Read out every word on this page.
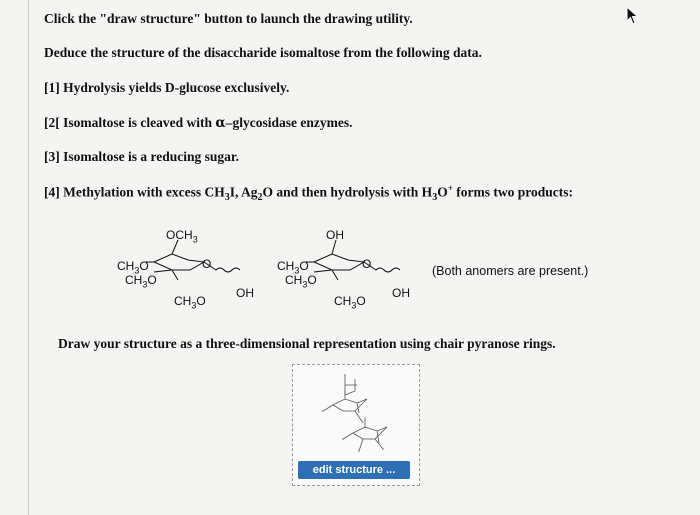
Click the "draw structure" button to launch the drawing utility.
Deduce the structure of the disaccharide isomaltose from the following data.
[1] Hydrolysis yields D-glucose exclusively.
[2[ Isomaltose is cleaved with α–glycosidase enzymes.
[3] Isomaltose is a reducing sugar.
[4] Methylation with excess $CH_3I$, $Ag_2O$ and then hydrolysis with $H_3O^+$ forms two products:
$OCH_3$
$CH_3O$
$CH_3O$
O
$CH_3O$
OH
OH
$CH_3O$
$CH_3O$
O
$CH_3O$
OH
(Both anomers are present.)
Draw your structure as a three-dimensional representation using chair pyranose rings.
edit structure ...
